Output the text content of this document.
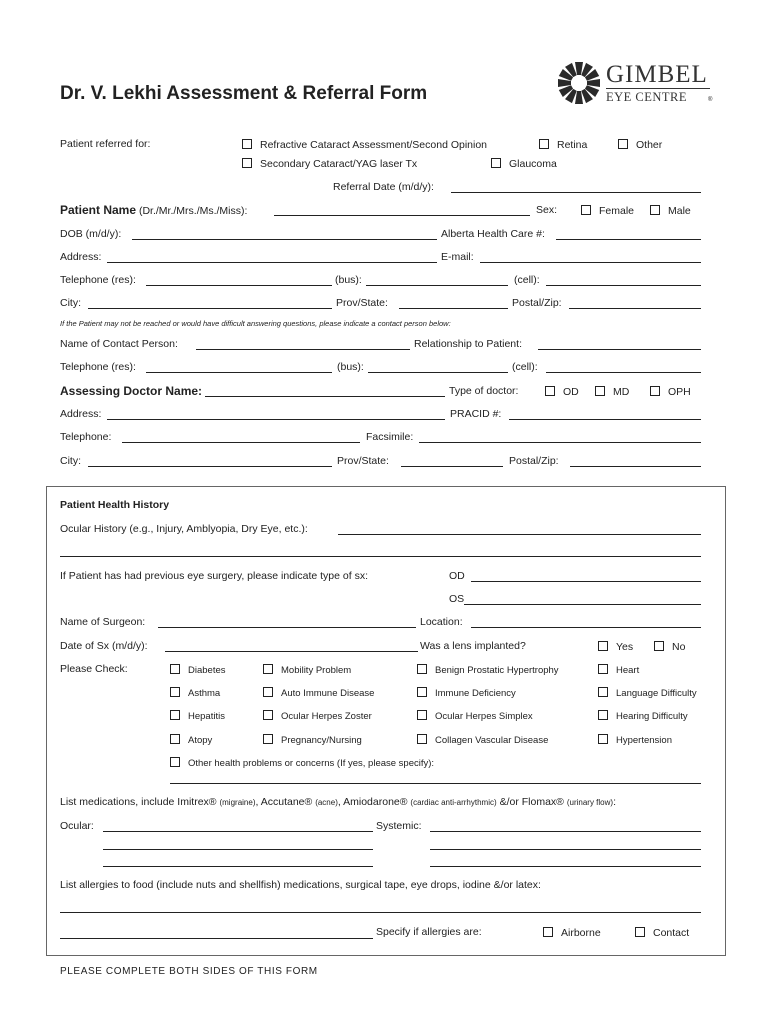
Dr. V. Lekhi Assessment & Referral Form
GIMBEL
EYE CENTRE	®
Patient referred for:	Refractive Cataract Assessment/Second Opinion	Retina	Other
Secondary Cataract/YAG laser Tx	Glaucoma
Referral Date (m/d/y):
Patient Name (Dr./Mr./Mrs./Ms./Miss):	Sex:	Female	Male
DOB (m/d/y):	Alberta Health Care #:
Address:	E-mail:
Telephone (res):	(bus):	(cell):
City:	Prov/State:	Postal/Zip:
If the Patient may not be reached or would have difficult answering questions, please indicate a contact person below:
Name of Contact Person:	Relationship to Patient:
Telephone (res):	(bus):	(cell):
Assessing Doctor Name:	Type of doctor:	OD	MD	OPH
Address:	PRACID #:
Telephone:	Facsimile:
City:	Prov/State:	Postal/Zip:
Patient Health History
Ocular History (e.g., Injury, Amblyopia, Dry Eye, etc.):
If Patient has had previous eye surgery, please indicate type of sx:	OD
OS
Name of Surgeon:	Location:
Date of Sx (m/d/y):	Was a lens implanted?	Yes	No
Please Check:	Diabetes	Mobility Problem	Benign Prostatic Hypertrophy	Heart
Asthma	Auto Immune Disease	Immune Deficiency	Language Difficulty
Hepatitis	Ocular Herpes Zoster	Ocular Herpes Simplex	Hearing Difficulty
Atopy	Pregnancy/Nursing	Collagen Vascular Disease	Hypertension
Other health problems or concerns (If yes, please specify):
List medications, include Imitrex® (migraine), Accutane® (acne), Amiodarone® (cardiac anti-arrhythmic) &/or Flomax® (urinary flow):
Ocular:	Systemic:
List allergies to food (include nuts and shellfish) medications, surgical tape, eye drops, iodine &/or latex:
Specify if allergies are:	Airborne	Contact
PLEASE COMPLETE BOTH SIDES OF THIS FORM
